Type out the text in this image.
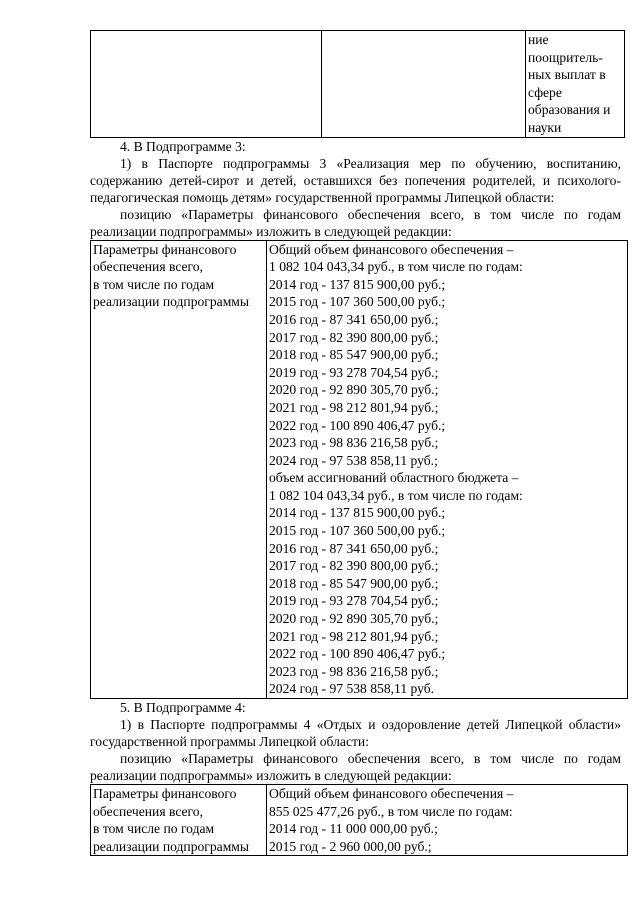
ние
поощритель-
ных выплат в
сфере
образования и
науки

4. В Подпрограмме 3:

1) в Паспорте подпрограммы 3 «Реализация мер по обучению, воспитанию, содержанию детей-сирот и детей, оставшихся без попечения родителей, и психолого-педагогическая помощь детям» государственной программы Липецкой области:

позицию «Параметры финансового обеспечения всего, в том числе по годам реализации подпрограммы» изложить в следующей редакции:

Параметры финансового
обеспечения всего,
в том числе по годам
реализации подпрограммы

Общий объем финансового обеспечения –
1 082 104 043,34 руб., в том числе по годам:
2014 год - 137 815 900,00 руб.;
2015 год - 107 360 500,00 руб.;
2016 год - 87 341 650,00 руб.;
2017 год - 82 390 800,00 руб.;
2018 год - 85 547 900,00 руб.;
2019 год - 93 278 704,54 руб.;
2020 год - 92 890 305,70 руб.;
2021 год - 98 212 801,94 руб.;
2022 год - 100 890 406,47 руб.;
2023 год - 98 836 216,58 руб.;
2024 год - 97 538 858,11 руб.;
объем ассигнований областного бюджета –
1 082 104 043,34 руб., в том числе по годам:
2014 год - 137 815 900,00 руб.;
2015 год - 107 360 500,00 руб.;
2016 год - 87 341 650,00 руб.;
2017 год - 82 390 800,00 руб.;
2018 год - 85 547 900,00 руб.;
2019 год - 93 278 704,54 руб.;
2020 год - 92 890 305,70 руб.;
2021 год - 98 212 801,94 руб.;
2022 год - 100 890 406,47 руб.;
2023 год - 98 836 216,58 руб.;
2024 год - 97 538 858,11 руб.

5. В Подпрограмме 4:

1) в Паспорте подпрограммы 4 «Отдых и оздоровление детей Липецкой области» государственной программы Липецкой области:

позицию «Параметры финансового обеспечения всего, в том числе по годам реализации подпрограммы» изложить в следующей редакции:

Параметры финансового
обеспечения всего,
в том числе по годам
реализации подпрограммы

Общий объем финансового обеспечения –
855 025 477,26 руб., в том числе по годам:
2014 год - 11 000 000,00 руб.;
2015 год - 2 960 000,00 руб.;
